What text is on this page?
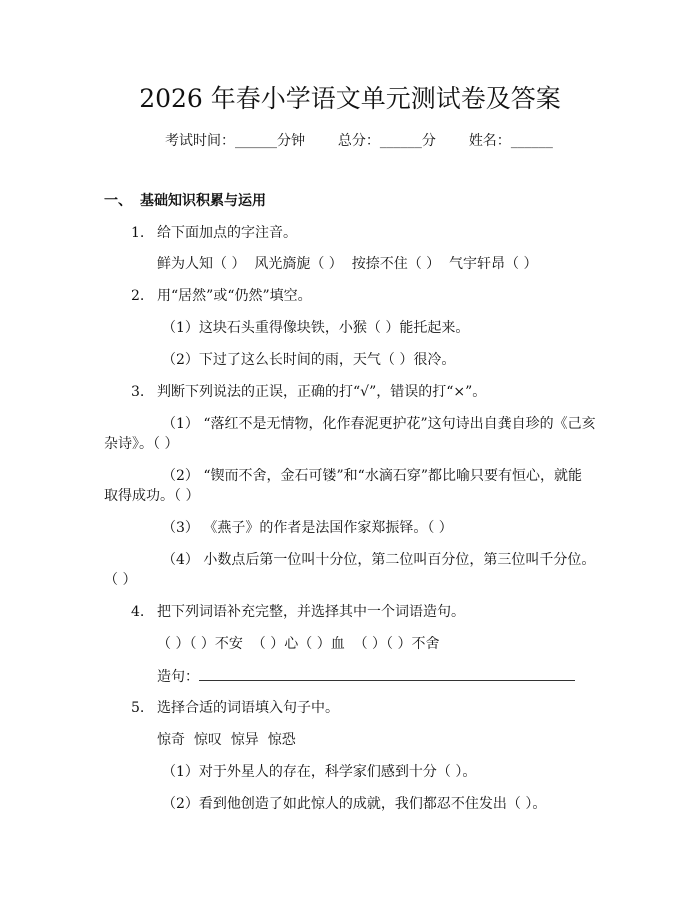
2026 年春小学语文单元测试卷及答案
考试时间：______分钟 总分：______分 姓名：______
一、 基础知识积累与运用
1. 给下面加点的字注音。
鲜为人知（ ）  风光旖旎（ ）  按捺不住（ ）  气宇轩昂（ ）
2. 用“居然”或“仍然”填空。
（1）这块石头重得像块铁，小猴（ ）能托起来。
（2）下过了这么长时间的雨，天气（ ）很冷。
3. 判断下列说法的正误，正确的打“√”，错误的打“×”。
（1） “落红不是无情物，化作春泥更护花”这句诗出自龚自珍的《己亥
杂诗》。（ ）
（2） “锲而不舍，金石可镂”和“水滴石穿”都比喻只要有恒心，就能
取得成功。（ ）
（3） 《燕子》的作者是法国作家郑振铎。（ ）
（4） 小数点后第一位叫十分位，第二位叫百分位，第三位叫千分位。
（ ）
4. 把下列词语补充完整，并选择其中一个词语造句。
（ ）（ ）不安  （ ）心（ ）血  （ ）（ ）不舍
造句：
5. 选择合适的词语填入句子中。
惊奇  惊叹  惊异  惊恐
（1）对于外星人的存在，科学家们感到十分（ ）。
（2）看到他创造了如此惊人的成就，我们都忍不住发出（ ）。
